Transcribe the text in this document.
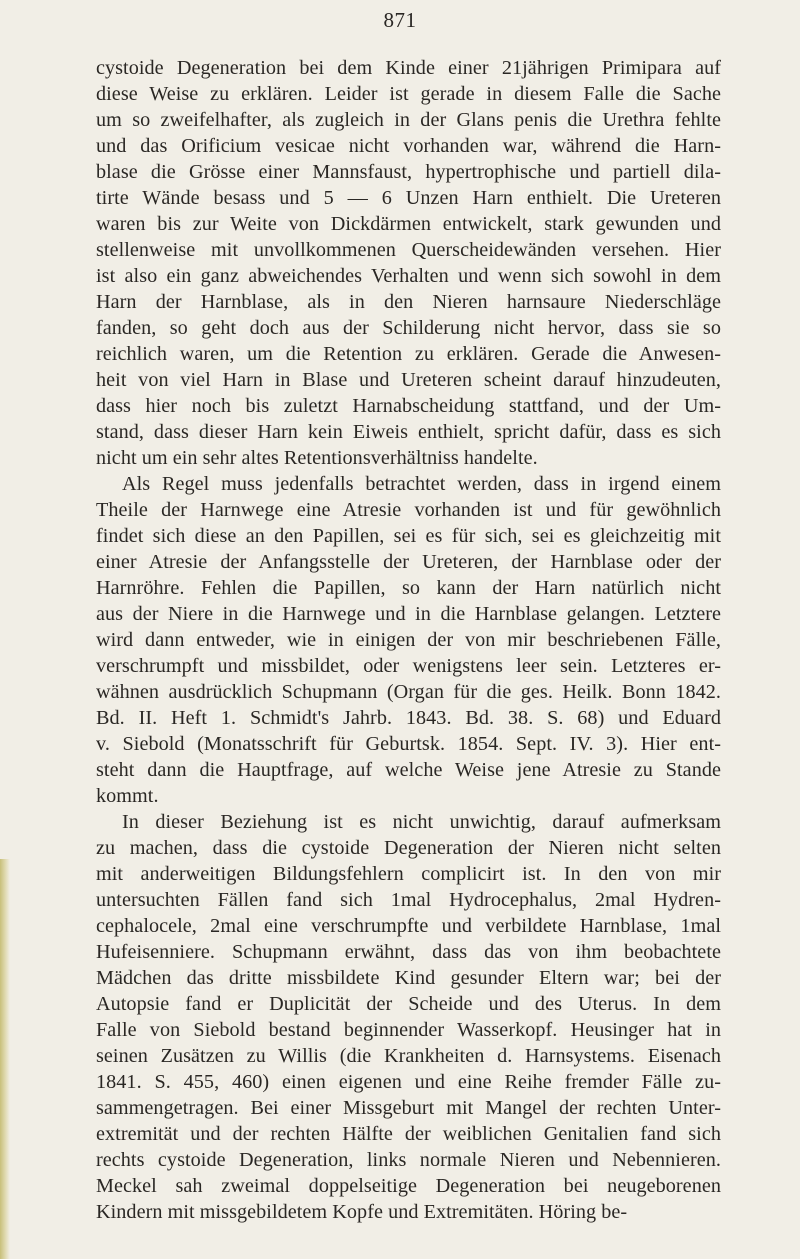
871
cystoide Degeneration bei dem Kinde einer 21jährigen Primipara auf
diese Weise zu erklären. Leider ist gerade in diesem Falle die Sache
um so zweifelhafter, als zugleich in der Glans penis die Urethra fehlte
und das Orificium vesicae nicht vorhanden war, während die Harn-
blase die Grösse einer Mannsfaust, hypertrophische und partiell dila-
tirte Wände besass und 5 — 6 Unzen Harn enthielt. Die Ureteren
waren bis zur Weite von Dickdärmen entwickelt, stark gewunden und
stellenweise mit unvollkommenen Querscheidewänden versehen. Hier
ist also ein ganz abweichendes Verhalten und wenn sich sowohl in dem
Harn der Harnblase, als in den Nieren harnsaure Niederschläge
fanden, so geht doch aus der Schilderung nicht hervor, dass sie so
reichlich waren, um die Retention zu erklären. Gerade die Anwesen-
heit von viel Harn in Blase und Ureteren scheint darauf hinzudeuten,
dass hier noch bis zuletzt Harnabscheidung stattfand, und der Um-
stand, dass dieser Harn kein Eiweis enthielt, spricht dafür, dass es sich
nicht um ein sehr altes Retentionsverhältniss handelte.
Als Regel muss jedenfalls betrachtet werden, dass in irgend einem
Theile der Harnwege eine Atresie vorhanden ist und für gewöhnlich
findet sich diese an den Papillen, sei es für sich, sei es gleichzeitig mit
einer Atresie der Anfangsstelle der Ureteren, der Harnblase oder der
Harnröhre. Fehlen die Papillen, so kann der Harn natürlich nicht
aus der Niere in die Harnwege und in die Harnblase gelangen. Letztere
wird dann entweder, wie in einigen der von mir beschriebenen Fälle,
verschrumpft und missbildet, oder wenigstens leer sein. Letzteres er-
wähnen ausdrücklich Schupmann (Organ für die ges. Heilk. Bonn 1842.
Bd. II. Heft 1. Schmidt's Jahrb. 1843. Bd. 38. S. 68) und Eduard
v. Siebold (Monatsschrift für Geburtsk. 1854. Sept. IV. 3). Hier ent-
steht dann die Hauptfrage, auf welche Weise jene Atresie zu Stande
kommt.
In dieser Beziehung ist es nicht unwichtig, darauf aufmerksam
zu machen, dass die cystoide Degeneration der Nieren nicht selten
mit anderweitigen Bildungsfehlern complicirt ist. In den von mir
untersuchten Fällen fand sich 1mal Hydrocephalus, 2mal Hydren-
cephalocele, 2mal eine verschrumpfte und verbildete Harnblase, 1mal
Hufeisenniere. Schupmann erwähnt, dass das von ihm beobachtete
Mädchen das dritte missbildete Kind gesunder Eltern war; bei der
Autopsie fand er Duplicität der Scheide und des Uterus. In dem
Falle von Siebold bestand beginnender Wasserkopf. Heusinger hat in
seinen Zusätzen zu Willis (die Krankheiten d. Harnsystems. Eisenach
1841. S. 455, 460) einen eigenen und eine Reihe fremder Fälle zu-
sammengetragen. Bei einer Missgeburt mit Mangel der rechten Unter-
extremität und der rechten Hälfte der weiblichen Genitalien fand sich
rechts cystoide Degeneration, links normale Nieren und Nebennieren.
Meckel sah zweimal doppelseitige Degeneration bei neugeborenen
Kindern mit missgebildetem Kopfe und Extremitäten. Höring be-
